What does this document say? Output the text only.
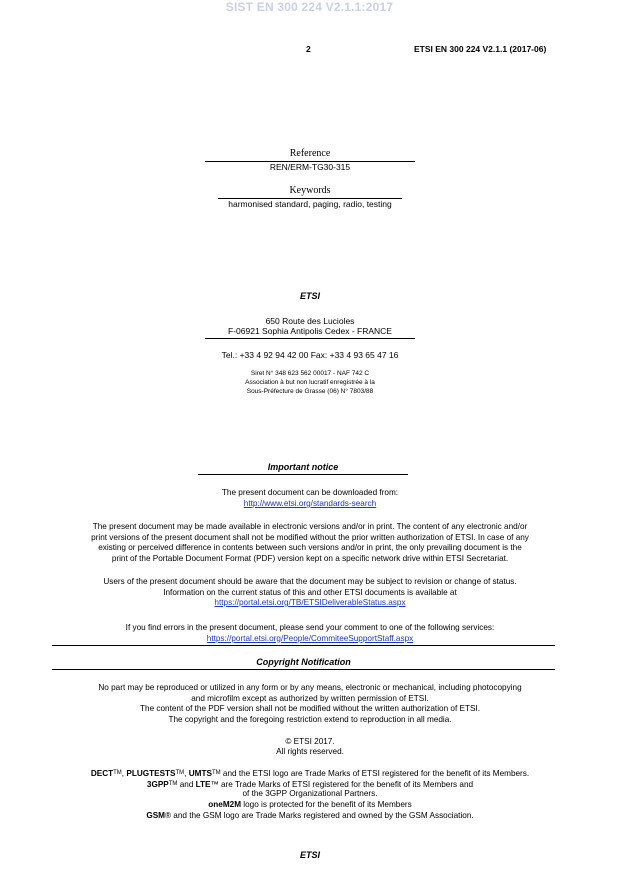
SIST EN 300 224 V2.1.1:2017
2	ETSI EN 300 224 V2.1.1 (2017-06)
Reference
REN/ERM-TG30-315
Keywords
harmonised standard, paging, radio, testing
ETSI
650 Route des Lucioles
F-06921 Sophia Antipolis Cedex - FRANCE
Tel.: +33 4 92 94 42 00 Fax: +33 4 93 65 47 16
Siret N° 348 623 562 00017 - NAF 742 C
Association à but non lucratif enregistrée à la
Sous-Préfecture de Grasse (06) N° 7803/88
Important notice
The present document can be downloaded from:
http://www.etsi.org/standards-search
The present document may be made available in electronic versions and/or in print. The content of any electronic and/or
print versions of the present document shall not be modified without the prior written authorization of ETSI. In case of any
existing or perceived difference in contents between such versions and/or in print, the only prevailing document is the
print of the Portable Document Format (PDF) version kept on a specific network drive within ETSI Secretariat.
Users of the present document should be aware that the document may be subject to revision or change of status.
Information on the current status of this and other ETSI documents is available at
https://portal.etsi.org/TB/ETSIDeliverableStatus.aspx
If you find errors in the present document, please send your comment to one of the following services:
https://portal.etsi.org/People/CommiteeSupportStaff.aspx
Copyright Notification
No part may be reproduced or utilized in any form or by any means, electronic or mechanical, including photocopying
and microfilm except as authorized by written permission of ETSI.
The content of the PDF version shall not be modified without the written authorization of ETSI.
The copyright and the foregoing restriction extend to reproduction in all media.
© ETSI 2017.
All rights reserved.
DECT™, PLUGTESTS™, UMTS™ and the ETSI logo are Trade Marks of ETSI registered for the benefit of its Members.
3GPP™ and LTE™ are Trade Marks of ETSI registered for the benefit of its Members and
of the 3GPP Organizational Partners.
oneM2M logo is protected for the benefit of its Members
GSM® and the GSM logo are Trade Marks registered and owned by the GSM Association.
ETSI
